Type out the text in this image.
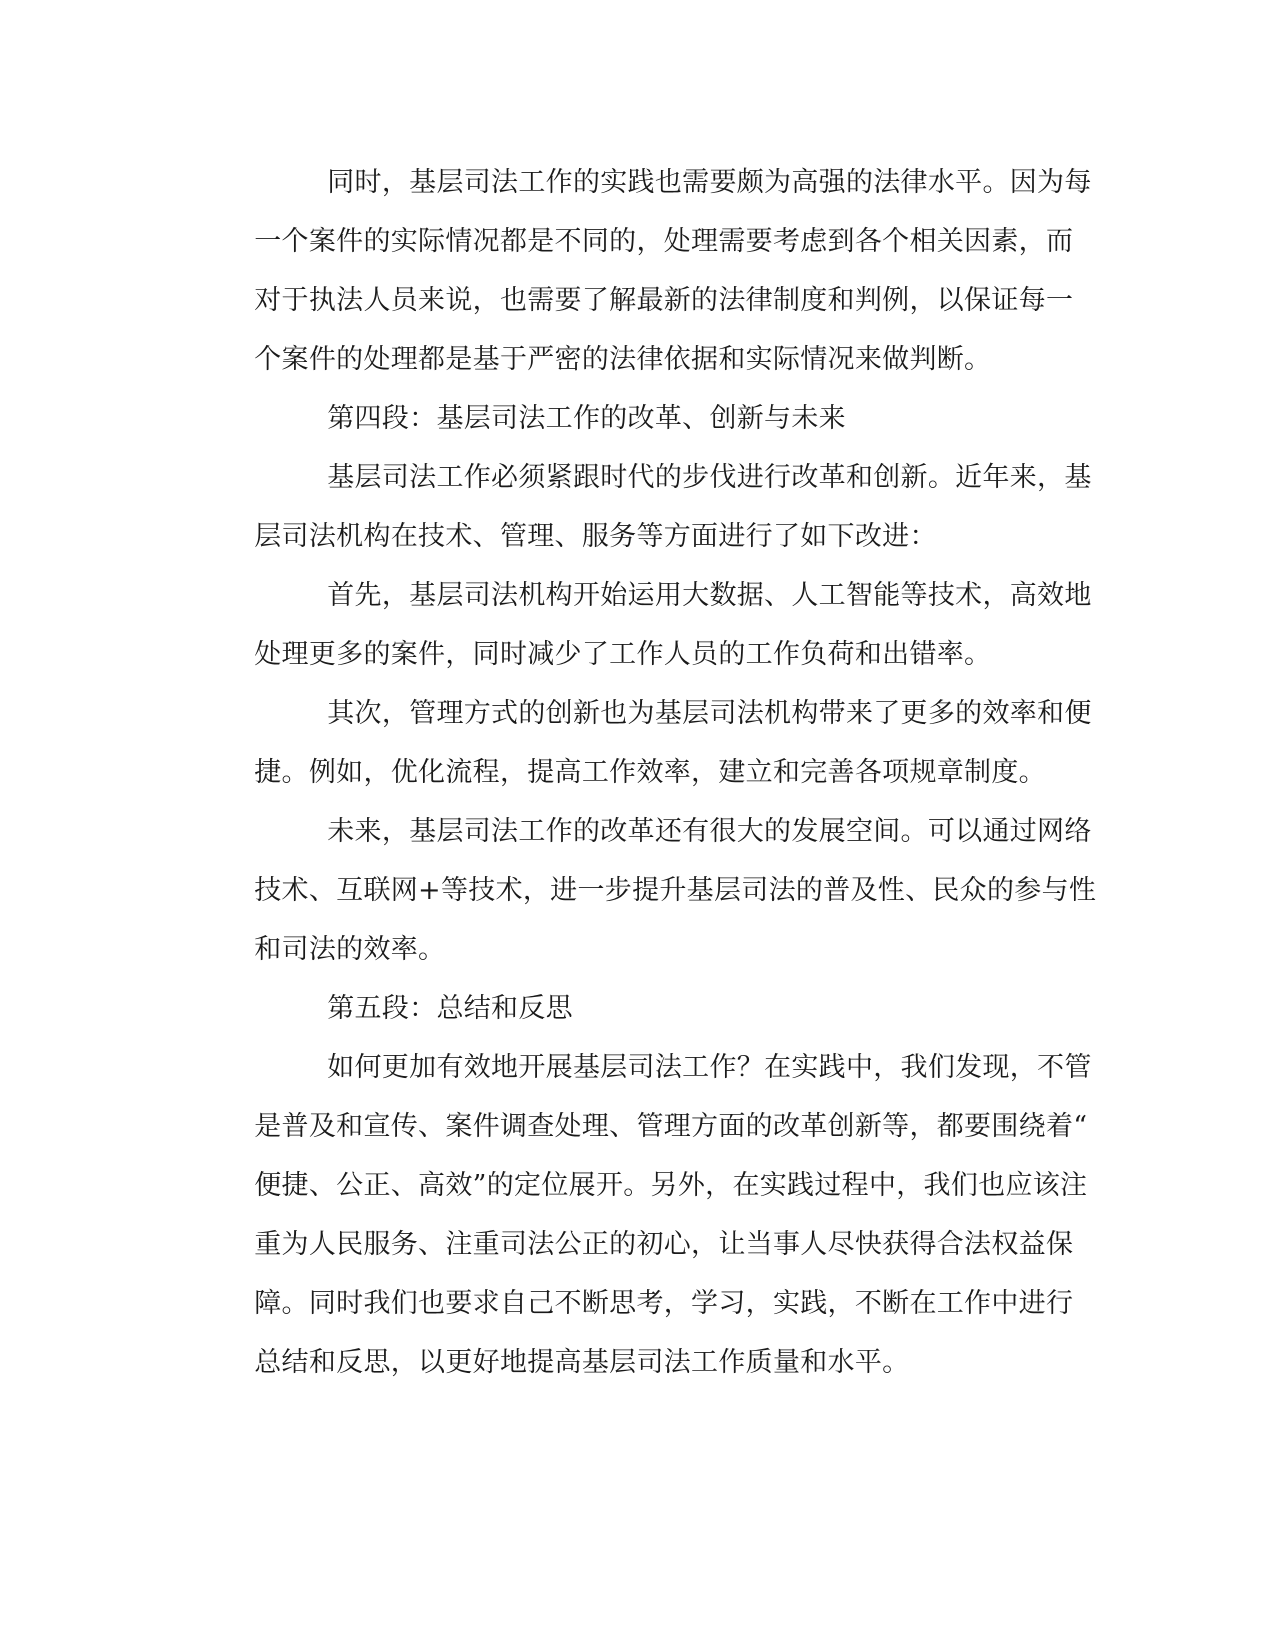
同时，基层司法工作的实践也需要颇为高强的法律水平。因为每
一个案件的实际情况都是不同的，处理需要考虑到各个相关因素，而
对于执法人员来说，也需要了解最新的法律制度和判例，以保证每一
个案件的处理都是基于严密的法律依据和实际情况来做判断。
第四段：基层司法工作的改革、创新与未来
基层司法工作必须紧跟时代的步伐进行改革和创新。近年来，基
层司法机构在技术、管理、服务等方面进行了如下改进：
首先，基层司法机构开始运用大数据、人工智能等技术，高效地
处理更多的案件，同时减少了工作人员的工作负荷和出错率。
其次，管理方式的创新也为基层司法机构带来了更多的效率和便
捷。例如，优化流程，提高工作效率，建立和完善各项规章制度。
未来，基层司法工作的改革还有很大的发展空间。可以通过网络
技术、互联网+等技术，进一步提升基层司法的普及性、民众的参与性
和司法的效率。
第五段：总结和反思
如何更加有效地开展基层司法工作？在实践中，我们发现，不管
是普及和宣传、案件调查处理、管理方面的改革创新等，都要围绕着“
便捷、公正、高效”的定位展开。另外，在实践过程中，我们也应该注
重为人民服务、注重司法公正的初心，让当事人尽快获得合法权益保
障。同时我们也要求自己不断思考，学习，实践，不断在工作中进行
总结和反思，以更好地提高基层司法工作质量和水平。
